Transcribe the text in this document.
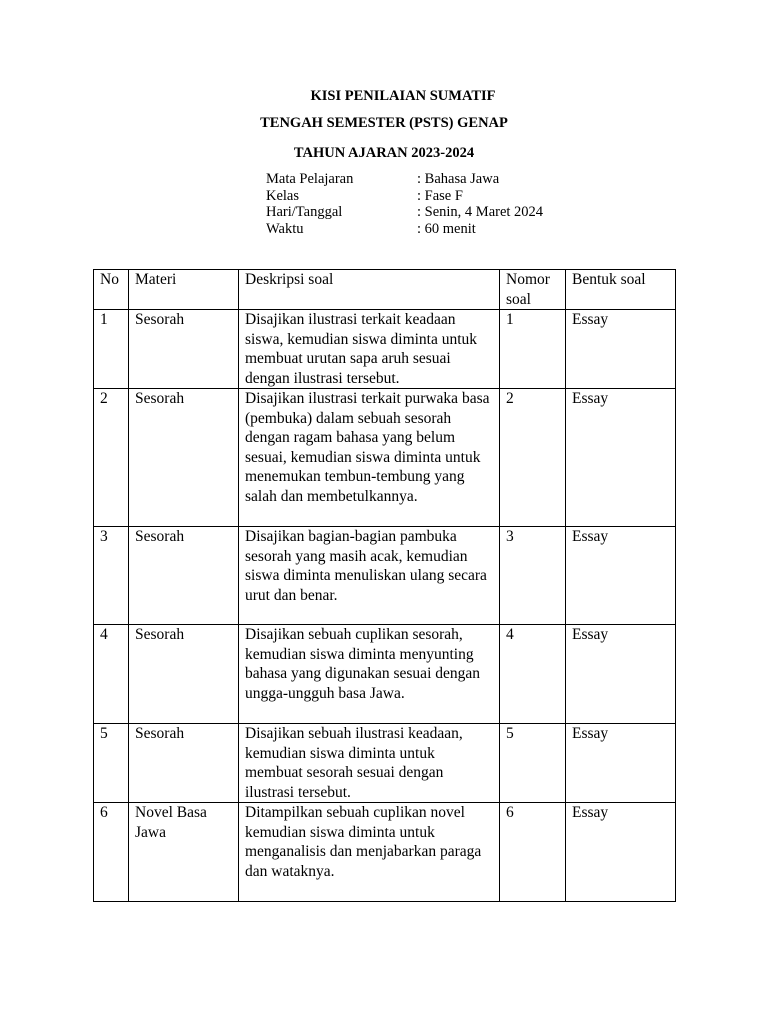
KISI PENILAIAN SUMATIF
TENGAH SEMESTER (PSTS) GENAP
TAHUN AJARAN 2023-2024
Mata Pelajaran	: Bahasa Jawa
Kelas	: Fase F
Hari/Tanggal	: Senin, 4 Maret 2024
Waktu	: 60 menit
No	Materi	Deskripsi soal	Nomor soal	Bentuk soal
1	Sesorah	Disajikan ilustrasi terkait keadaan siswa, kemudian siswa diminta untuk membuat urutan sapa aruh sesuai dengan ilustrasi tersebut.	1	Essay
2	Sesorah	Disajikan ilustrasi terkait purwaka basa (pembuka) dalam sebuah sesorah dengan ragam bahasa yang belum sesuai, kemudian siswa diminta untuk menemukan tembun-tembung yang salah dan membetulkannya.	2	Essay
3	Sesorah	Disajikan bagian-bagian pambuka sesorah yang masih acak, kemudian siswa diminta menuliskan ulang secara urut dan benar.	3	Essay
4	Sesorah	Disajikan sebuah cuplikan sesorah, kemudian siswa diminta menyunting bahasa yang digunakan sesuai dengan ungga-ungguh basa Jawa.	4	Essay
5	Sesorah	Disajikan sebuah ilustrasi keadaan, kemudian siswa diminta untuk membuat sesorah sesuai dengan ilustrasi tersebut.	5	Essay
6	Novel Basa Jawa	Ditampilkan sebuah cuplikan novel kemudian siswa diminta untuk menganalisis dan menjabarkan paraga dan wataknya.	6	Essay
